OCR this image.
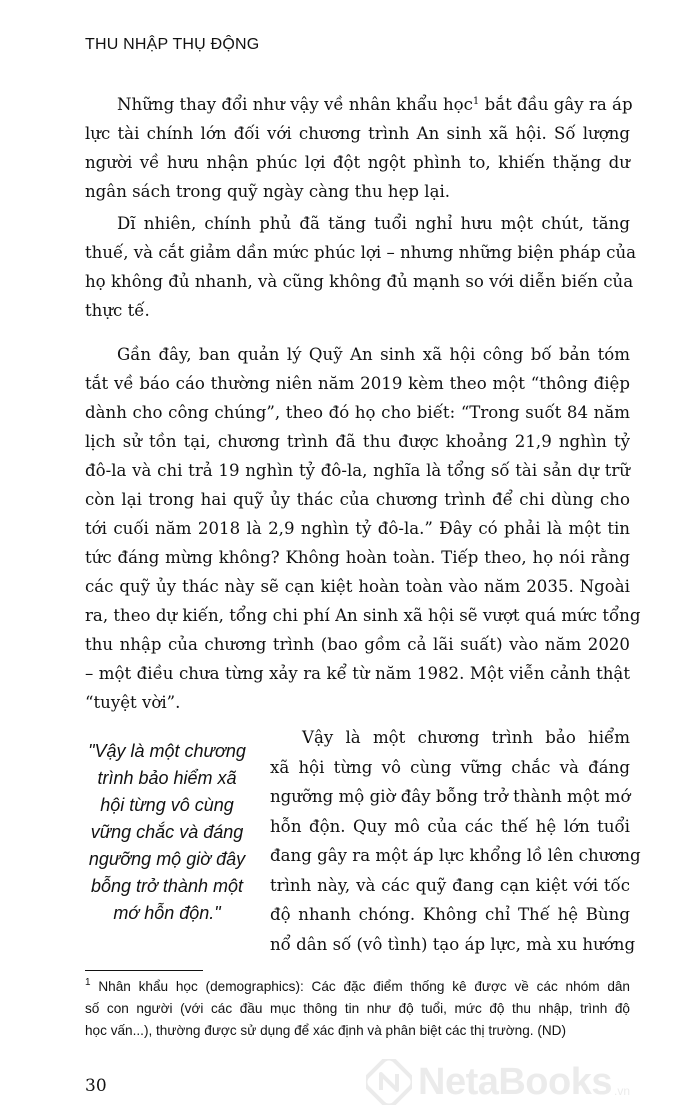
THU NHẬP THỤ ĐỘNG
Những thay đổi như vậy về nhân khẩu học$^1$ bắt đầu gây ra áp
lực tài chính lớn đối với chương trình An sinh xã hội. Số lượng
người về hưu nhận phúc lợi đột ngột phình to, khiến thặng dư
ngân sách trong quỹ ngày càng thu hẹp lại.
Dĩ nhiên, chính phủ đã tăng tuổi nghỉ hưu một chút, tăng
thuế, và cắt giảm dần mức phúc lợi – nhưng những biện pháp của
họ không đủ nhanh, và cũng không đủ mạnh so với diễn biến của
thực tế.
Gần đây, ban quản lý Quỹ An sinh xã hội công bố bản tóm
tắt về báo cáo thường niên năm 2019 kèm theo một “thông điệp
dành cho công chúng”, theo đó họ cho biết: “Trong suốt 84 năm
lịch sử tồn tại, chương trình đã thu được khoảng 21,9 nghìn tỷ
đô-la và chi trả 19 nghìn tỷ đô-la, nghĩa là tổng số tài sản dự trữ
còn lại trong hai quỹ ủy thác của chương trình để chi dùng cho
tới cuối năm 2018 là 2,9 nghìn tỷ đô-la.” Đây có phải là một tin
tức đáng mừng không? Không hoàn toàn. Tiếp theo, họ nói rằng
các quỹ ủy thác này sẽ cạn kiệt hoàn toàn vào năm 2035. Ngoài
ra, theo dự kiến, tổng chi phí An sinh xã hội sẽ vượt quá mức tổng
thu nhập của chương trình (bao gồm cả lãi suất) vào năm 2020
– một điều chưa từng xảy ra kể từ năm 1982. Một viễn cảnh thật
“tuyệt vời”.
"Vậy là một chương
trình bảo hiểm xã
hội từng vô cùng
vững chắc và đáng
ngưỡng mộ giờ đây
bỗng trở thành một
mớ hỗn độn."
Vậy là một chương trình bảo hiểm
xã hội từng vô cùng vững chắc và đáng
ngưỡng mộ giờ đây bỗng trở thành một mớ
hỗn độn. Quy mô của các thế hệ lớn tuổi
đang gây ra một áp lực khổng lồ lên chương
trình này, và các quỹ đang cạn kiệt với tốc
độ nhanh chóng. Không chỉ Thế hệ Bùng
nổ dân số (vô tình) tạo áp lực, mà xu hướng
$^1$ Nhân khẩu học (demographics): Các đặc điểm thống kê được về các nhóm dân
số con người (với các đầu mục thông tin như độ tuổi, mức độ thu nhập, trình độ
học vấn...), thường được sử dụng để xác định và phân biệt các thị trường. (ND)
30	NetaBooks .vn
